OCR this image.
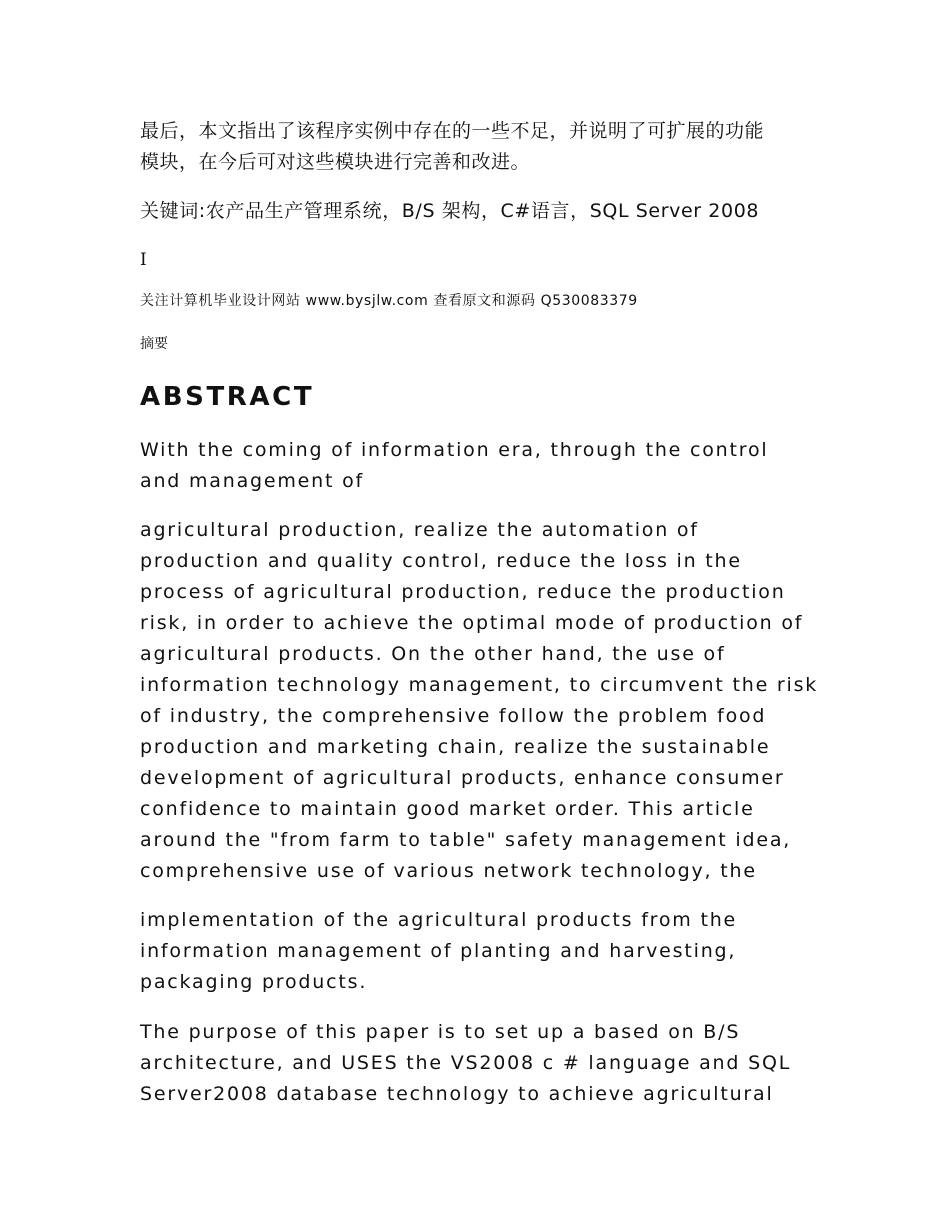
最后，本文指出了该程序实例中存在的一些不足，并说明了可扩展的功能
模块，在今后可对这些模块进行完善和改进。

关键词:农产品生产管理系统，B/S 架构，C#语言，SQL Server 2008

I

关注计算机毕业设计网站 www.bysjlw.com 查看原文和源码 Q530083379

摘要

ABSTRACT

With the coming of information era, through the control
and management of

agricultural production, realize the automation of
production and quality control, reduce the loss in the
process of agricultural production, reduce the production
risk, in order to achieve the optimal mode of production of
agricultural products. On the other hand, the use of
information technology management, to circumvent the risk
of industry, the comprehensive follow the problem food
production and marketing chain, realize the sustainable
development of agricultural products, enhance consumer
confidence to maintain good market order. This article
around the "from farm to table" safety management idea,
comprehensive use of various network technology, the

implementation of the agricultural products from the
information management of planting and harvesting,
packaging products.

The purpose of this paper is to set up a based on B/S
architecture, and USES the VS2008 c # language and SQL
Server2008 database technology to achieve agricultural
